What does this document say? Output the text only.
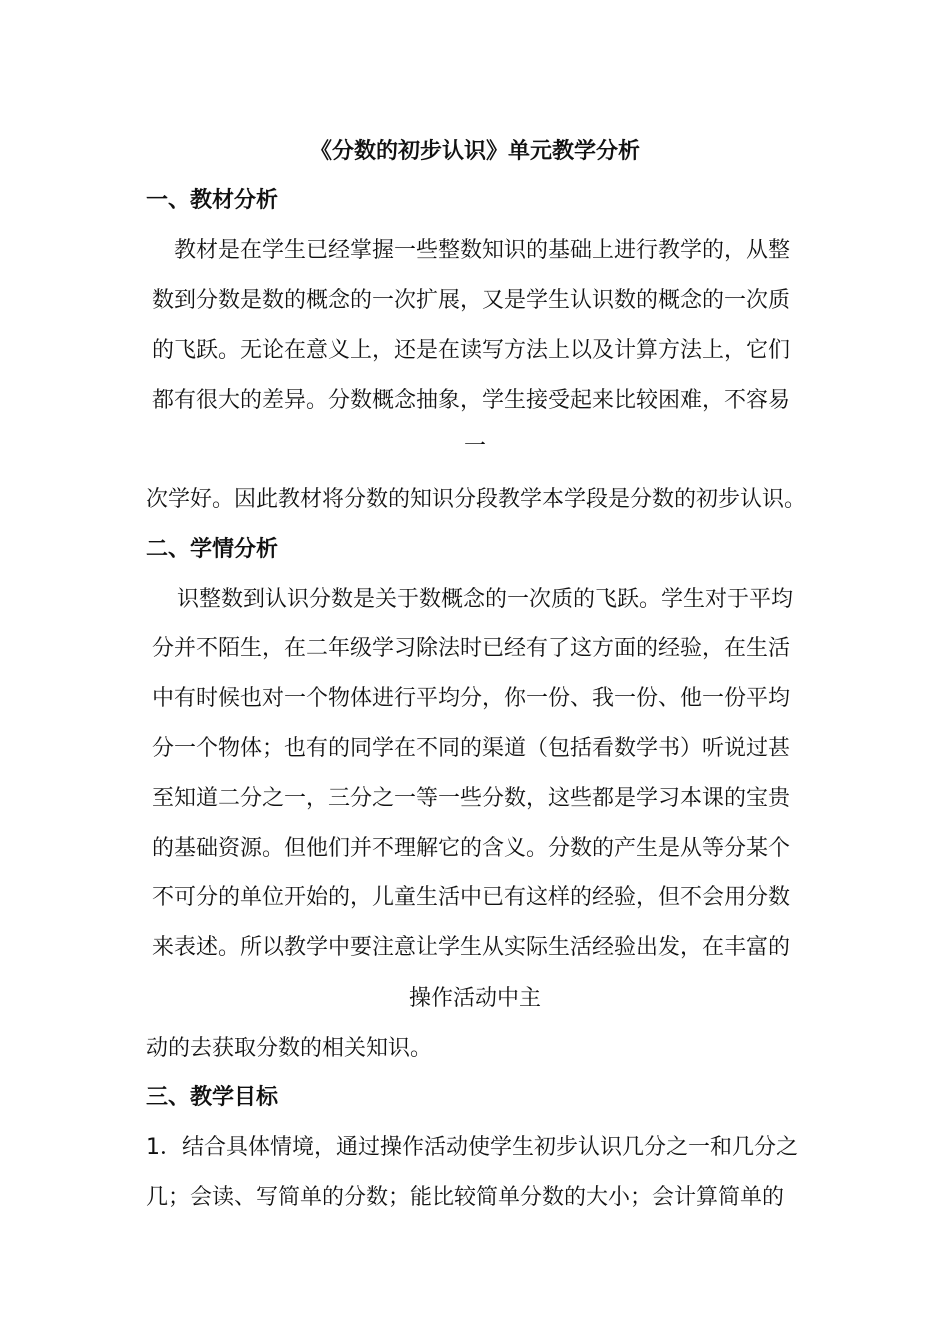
《分数的初步认识》单元教学分析
一、教材分析
教材是在学生已经掌握一些整数知识的基础上进行教学的，从整
数到分数是数的概念的一次扩展，又是学生认识数的概念的一次质
的飞跃。无论在意义上，还是在读写方法上以及计算方法上，它们
都有很大的差异。分数概念抽象，学生接受起来比较困难，不容易
一
次学好。因此教材将分数的知识分段教学本学段是分数的初步认识。
二、学情分析
识整数到认识分数是关于数概念的一次质的飞跃。学生对于平均
分并不陌生，在二年级学习除法时已经有了这方面的经验，在生活
中有时候也对一个物体进行平均分，你一份、我一份、他一份平均
分一个物体；也有的同学在不同的渠道（包括看数学书）听说过甚
至知道二分之一，三分之一等一些分数，这些都是学习本课的宝贵
的基础资源。但他们并不理解它的含义。分数的产生是从等分某个
不可分的单位开始的，儿童生活中已有这样的经验，但不会用分数
来表述。所以教学中要注意让学生从实际生活经验出发，在丰富的
操作活动中主
动的去获取分数的相关知识。
三、教学目标
1．结合具体情境，通过操作活动使学生初步认识几分之一和几分之
几；会读、写简单的分数；能比较简单分数的大小；会计算简单的
